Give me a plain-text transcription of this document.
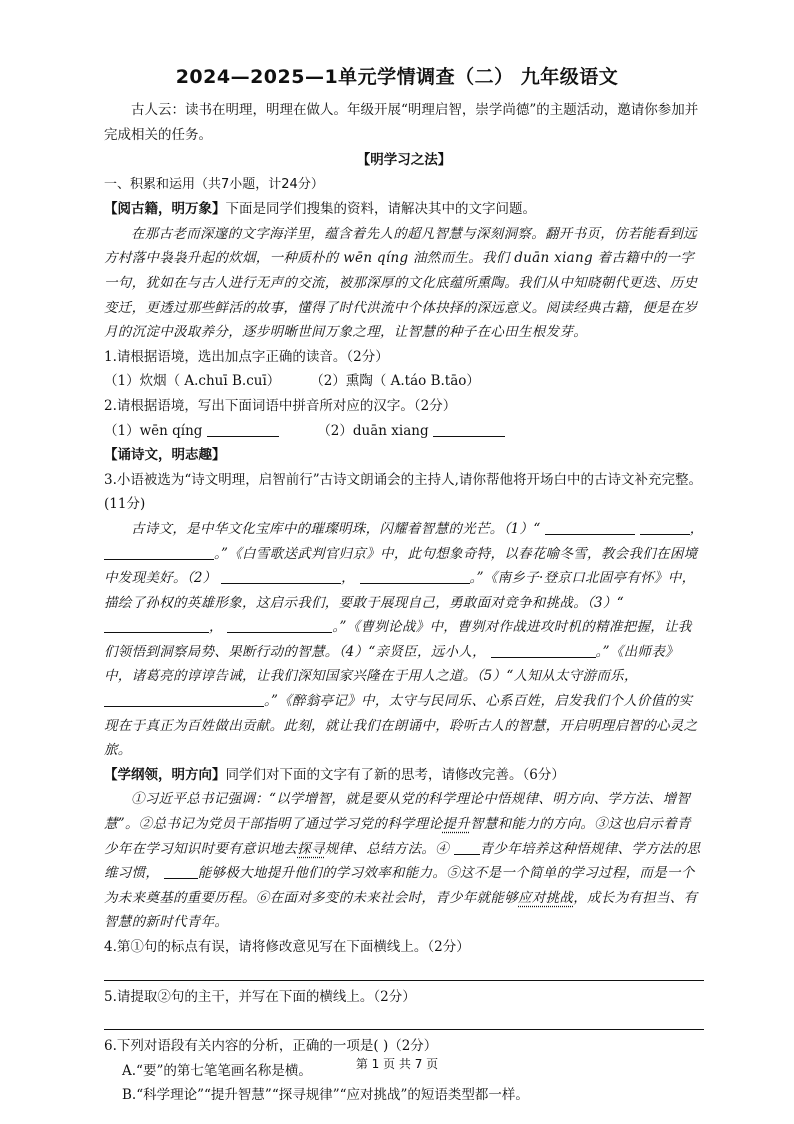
2024—2025—1单元学情调查（二） 九年级语文
古人云：读书在明理，明理在做人。年级开展“明理启智，崇学尚德”的主题活动，邀请你参加并完成相关的任务。
【明学习之法】
一、积累和运用（共7小题，计24分）
【阅古籍，明万象】下面是同学们搜集的资料，请解决其中的文字问题。
在那古老而深邃的文字海洋里，蕴含着先人的超凡智慧与深刻洞察。翻开书页，仿若能看到远方村落中袅袅升起的炊烟，一种质朴的 wēn qíng 油然而生。我们 duān xiang 着古籍中的一字一句，犹如在与古人进行无声的交流，被那深厚的文化底蕴所熏陶。我们从中知晓朝代更迭、历史变迁，更透过那些鲜活的故事，懂得了时代洪流中个体抉择的深远意义。阅读经典古籍，便是在岁月的沉淀中汲取养分，逐步明晰世间万象之理，让智慧的种子在心田生根发芽。
1.请根据语境，选出加点字正确的读音。（2分）
（1）炊烟（ A.chuī B.cuī） （2）熏陶（ A.táo B.tāo）
2.请根据语境，写出下面词语中拼音所对应的汉字。（2分）
（1）wēn qíng	（2）duān xiang
【诵诗文，明志趣】
3.小语被选为“诗文明理，启智前行”古诗文朗诵会的主持人,请你帮他将开场白中的古诗文补充完整。(11分)
古诗文，是中华文化宝库中的璀璨明珠，闪耀着智慧的光芒。（1）“	， 。”《白雪歌送武判官归京》中，此句想象奇特，以春花喻冬雪，教会我们在困境中发现美好。（2）	，	。”《南乡子·登京口北固亭有怀》中，描绘了孙权的英雄形象，这启示我们，要敢于展现自己，勇敢面对竞争和挑战。（3）“ ，	。”《曹刿论战》中，曹刿对作战进攻时机的精准把握，让我们领悟到洞察局势、果断行动的智慧。（4）“亲贤臣，远小人，	。”《出师表》中，诸葛亮的谆谆告诫，让我们深知国家兴隆在于用人之道。（5）“人知从太守游而乐， 。”《醉翁亭记》中，太守与民同乐、心系百姓，启发我们个人价值的实现在于真正为百姓做出贡献。此刻，就让我们在朗诵中，聆听古人的智慧，开启明理启智的心灵之旅。
【学纲领，明方向】同学们对下面的文字有了新的思考，请修改完善。（6分）
①习近平总书记强调：“以学增智，就是要从党的科学理论中悟规律、明方向、学方法、增智慧”。②总书记为党员干部指明了通过学习党的科学理论提升智慧和能力的方向。③这也启示着青少年在学习知识时要有意识地去探寻规律、总结方法。④ 青少年培养这种悟规律、学方法的思维习惯，	能够极大地提升他们的学习效率和能力。⑤这不是一个简单的学习过程，而是一个为未来奠基的重要历程。⑥在面对多变的未来社会时，青少年就能够应对挑战，成长为有担当、有智慧的新时代青年。
4.第①句的标点有误，请将修改意见写在下面横线上。（2分）
5.请提取②句的主干，并写在下面的横线上。（2分）
6.下列对语段有关内容的分析，正确的一项是( )（2分）
A.“要”的第七笔笔画名称是横。
B.“科学理论”“提升智慧”“探寻规律”“应对挑战”的短语类型都一样。
第 1 页 共 7 页
